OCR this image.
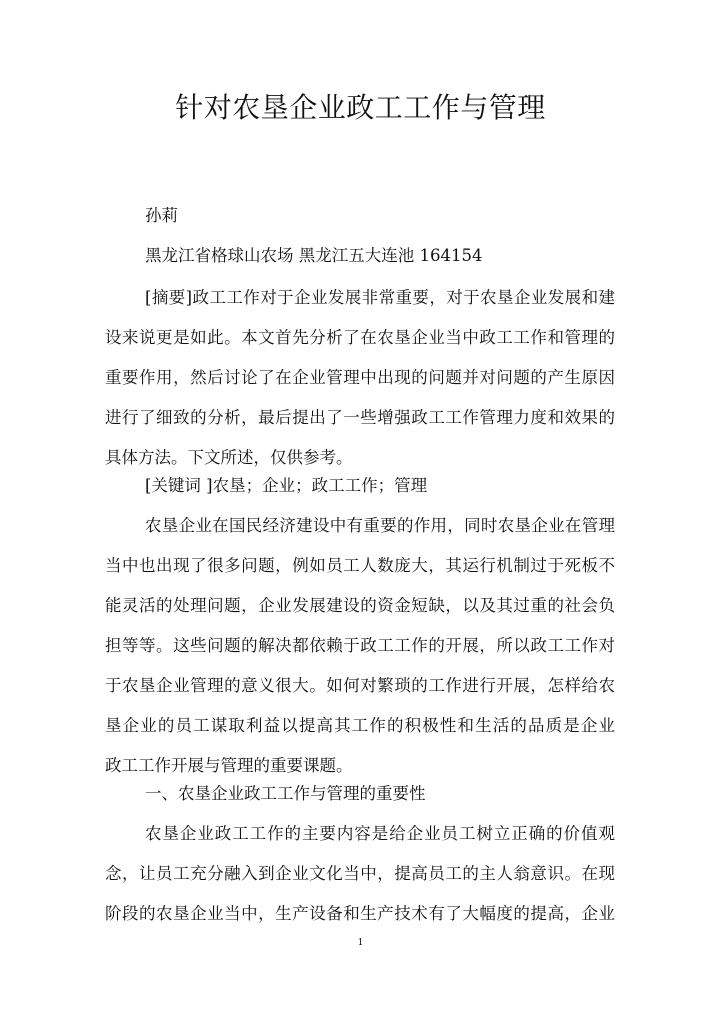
针对农垦企业政工工作与管理
孙莉
黑龙江省格球山农场 黑龙江五大连池 164154
[摘要]政工工作对于企业发展非常重要，对于农垦企业发展和建
设来说更是如此。本文首先分析了在农垦企业当中政工工作和管理的
重要作用，然后讨论了在企业管理中出现的问题并对问题的产生原因
进行了细致的分析，最后提出了一些增强政工工作管理力度和效果的
具体方法。下文所述，仅供参考。
[关键词 ]农垦；企业；政工工作；管理
农垦企业在国民经济建设中有重要的作用，同时农垦企业在管理
当中也出现了很多问题，例如员工人数庞大，其运行机制过于死板不
能灵活的处理问题，企业发展建设的资金短缺，以及其过重的社会负
担等等。这些问题的解决都依赖于政工工作的开展，所以政工工作对
于农垦企业管理的意义很大。如何对繁琐的工作进行开展，怎样给农
垦企业的员工谋取利益以提高其工作的积极性和生活的品质是企业
政工工作开展与管理的重要课题。
一、农垦企业政工工作与管理的重要性
农垦企业政工工作的主要内容是给企业员工树立正确的价值观
念，让员工充分融入到企业文化当中，提高员工的主人翁意识。在现
阶段的农垦企业当中，生产设备和生产技术有了大幅度的提高，企业
1
